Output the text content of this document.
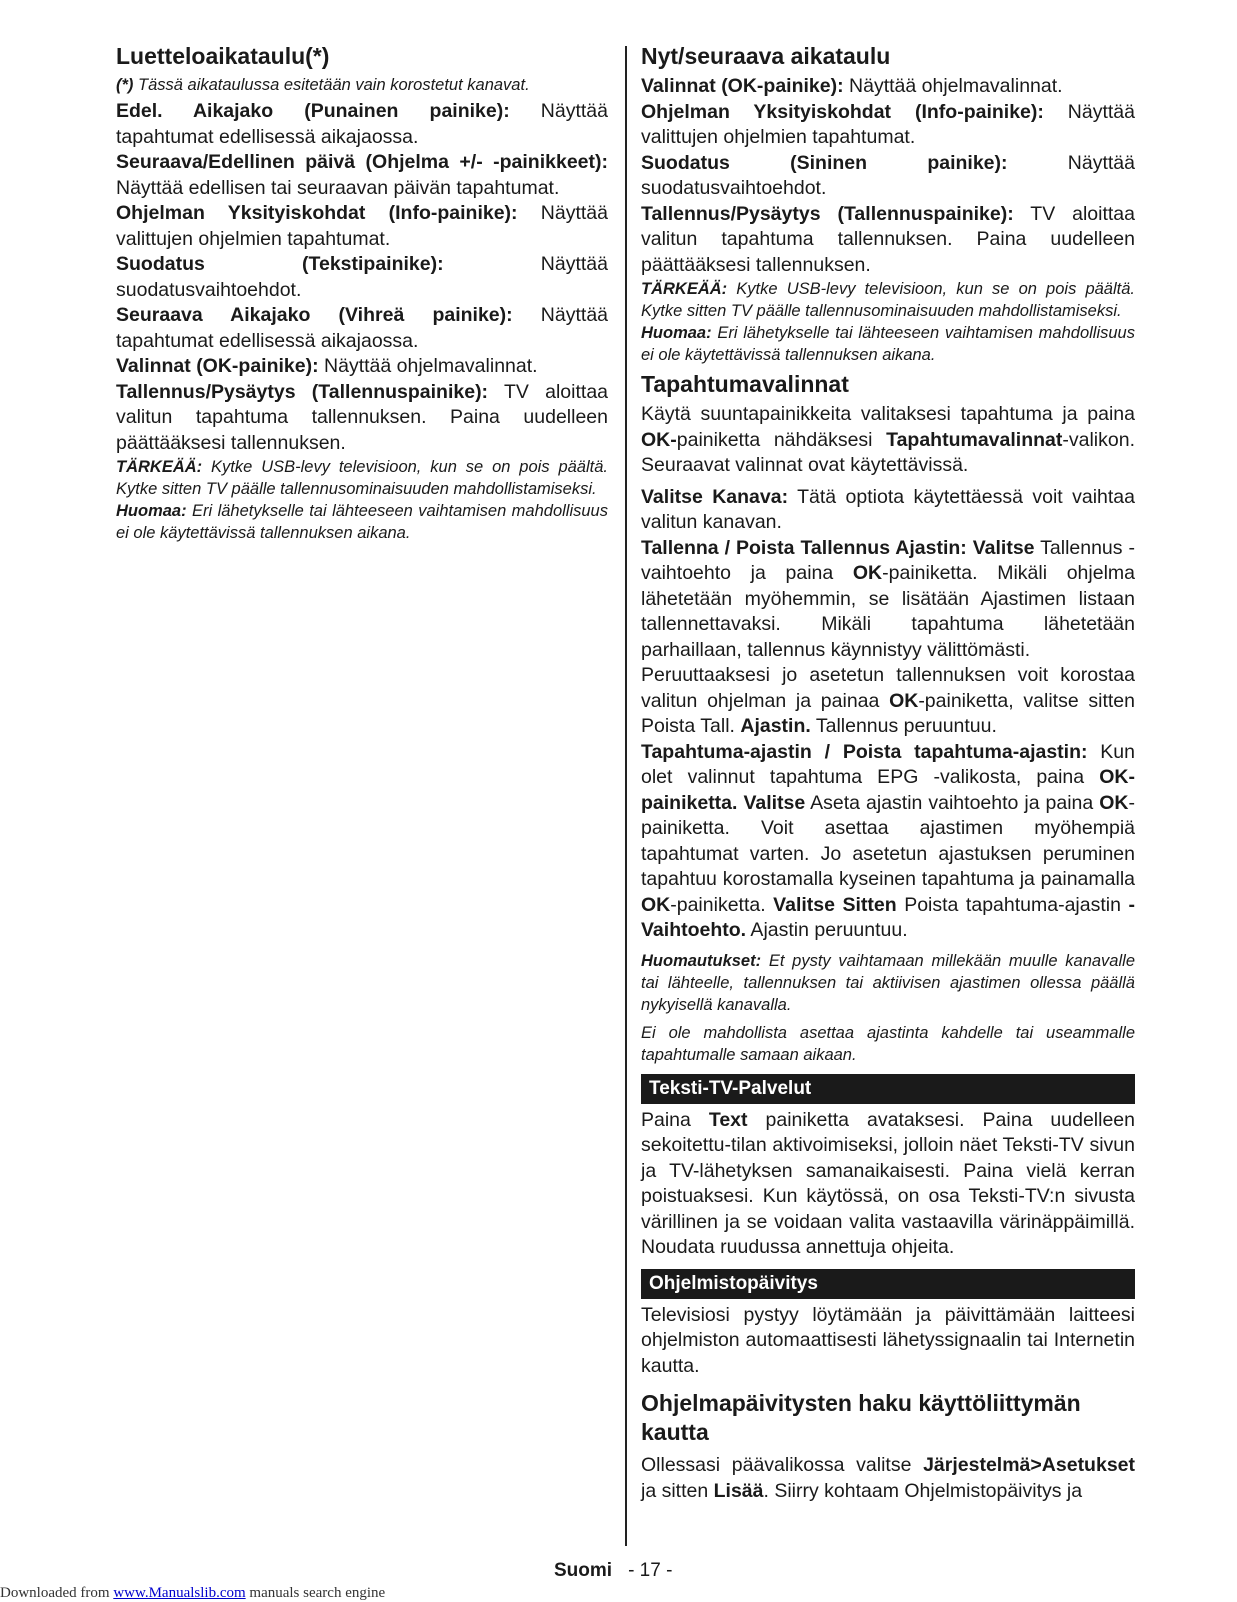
Luetteloaikataulu(*)

(*) Tässä aikataulussa esitetään vain korostetut kanavat.

Edel. Aikajako (Punainen painike): Näyttää tapahtumat edellisessä aikajaossa.

Seuraava/Edellinen päivä (Ohjelma +/- -painikkeet): Näyttää edellisen tai seuraavan päivän tapahtumat.

Ohjelman Yksityiskohdat (Info-painike): Näyttää valittujen ohjelmien tapahtumat.

Suodatus (Tekstipainike): Näyttää suodatusvaihtoehdot.

Seuraava Aikajako (Vihreä painike): Näyttää tapahtumat edellisessä aikajaossa.

Valinnat (OK-painike): Näyttää ohjelmavalinnat.

Tallennus/Pysäytys (Tallennuspainike): TV aloittaa valitun tapahtuma tallennuksen. Paina uudelleen päättääksesi tallennuksen.

TÄRKEÄÄ: Kytke USB-levy televisioon, kun se on pois päältä. Kytke sitten TV päälle tallennusominaisuuden mahdollistamiseksi.

Huomaa: Eri lähetykselle tai lähteeseen vaihtamisen mahdollisuus ei ole käytettävissä tallennuksen aikana.

Nyt/seuraava aikataulu

Valinnat (OK-painike): Näyttää ohjelmavalinnat.

Ohjelman Yksityiskohdat (Info-painike): Näyttää valittujen ohjelmien tapahtumat.

Suodatus (Sininen painike): Näyttää suodatusvaihtoehdot.

Tallennus/Pysäytys (Tallennuspainike): TV aloittaa valitun tapahtuma tallennuksen. Paina uudelleen päättääksesi tallennuksen.

TÄRKEÄÄ: Kytke USB-levy televisioon, kun se on pois päältä. Kytke sitten TV päälle tallennusominaisuuden mahdollistamiseksi.

Huomaa: Eri lähetykselle tai lähteeseen vaihtamisen mahdollisuus ei ole käytettävissä tallennuksen aikana.

Tapahtumavalinnat

Käytä suuntapainikkeita valitaksesi tapahtuma ja paina OK-painiketta nähdäksesi Tapahtumavalinnat-valikon. Seuraavat valinnat ovat käytettävissä.

Valitse Kanava: Tätä optiota käytettäessä voit vaihtaa valitun kanavan.

Tallenna / Poista Tallennus Ajastin: Valitse Tallennus -vaihtoehto ja paina OK-painiketta. Mikäli ohjelma lähetetään myöhemmin, se lisätään Ajastimen listaan tallennettavaksi. Mikäli tapahtuma lähetetään parhaillaan, tallennus käynnistyy välittömästi.

Peruuttaaksesi jo asetetun tallennuksen voit korostaa valitun ohjelman ja painaa OK-painiketta, valitse sitten Poista Tall. Ajastin. Tallennus peruuntuu.

Tapahtuma-ajastin / Poista tapahtuma-ajastin: Kun olet valinnut tapahtuma EPG -valikosta, paina OK-painiketta. Valitse Aseta ajastin vaihtoehto ja paina OK-painiketta. Voit asettaa ajastimen myöhempiä tapahtumat varten. Jo asetetun ajastuksen peruminen tapahtuu korostamalla kyseinen tapahtuma ja painamalla OK-painiketta. Valitse Sitten Poista tapahtuma-ajastin -Vaihtoehto. Ajastin peruuntuu.

Huomautukset: Et pysty vaihtamaan millekään muulle kanavalle tai lähteelle, tallennuksen tai aktiivisen ajastimen ollessa päällä nykyisellä kanavalla.

Ei ole mahdollista asettaa ajastinta kahdelle tai useammalle tapahtumalle samaan aikaan.

Teksti-TV-Palvelut

Paina Text painiketta avataksesi. Paina uudelleen sekoitettu-tilan aktivoimiseksi, jolloin näet Teksti-TV sivun ja TV-lähetyksen samanaikaisesti. Paina vielä kerran poistuaksesi. Kun käytössä, on osa Teksti-TV:n sivusta värillinen ja se voidaan valita vastaavilla värinäppäimillä. Noudata ruudussa annettuja ohjeita.

Ohjelmistopäivitys

Televisiosi pystyy löytämään ja päivittämään laitteesi ohjelmiston automaattisesti lähetyssignaalin tai Internetin kautta.

Ohjelmapäivitysten haku käyttöliittymän kautta

Ollessasi päävalikossa valitse Järjestelmä>Asetukset ja sitten Lisää. Siirry kohtaam Ohjelmistopäivitys ja

Suomi - 17 -
Downloaded from www.Manualslib.com manuals search engine
